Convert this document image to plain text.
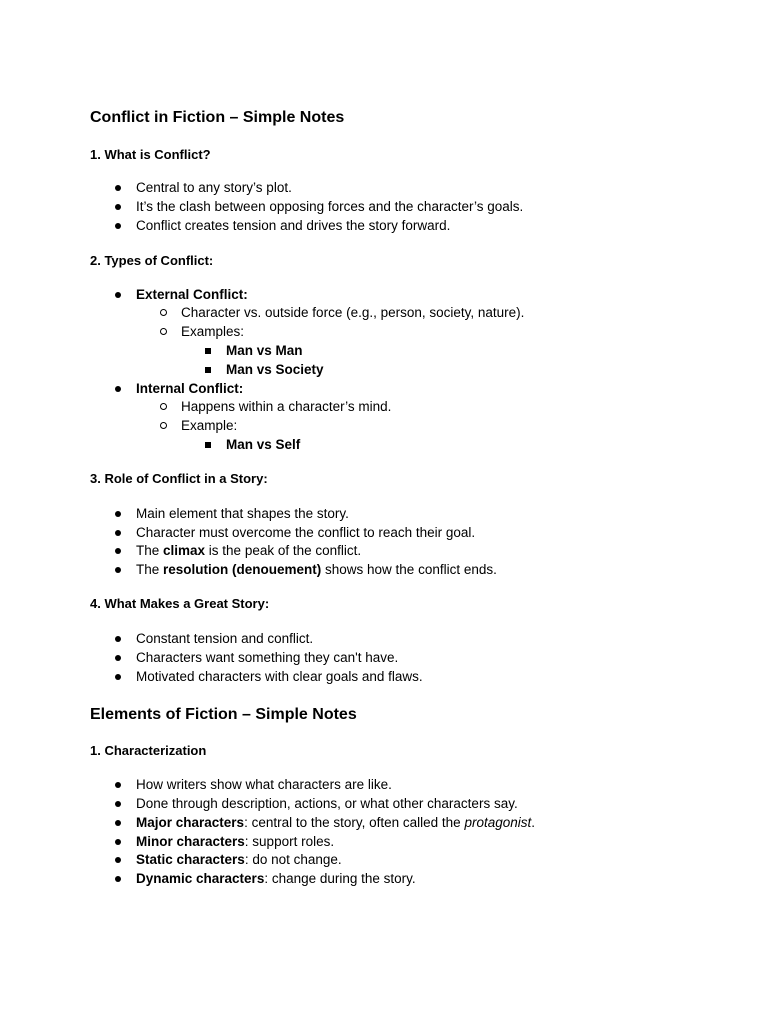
Conflict in Fiction – Simple Notes
1. What is Conflict?
Central to any story’s plot.
It’s the clash between opposing forces and the character’s goals.
Conflict creates tension and drives the story forward.
2. Types of Conflict:
External Conflict:
Character vs. outside force (e.g., person, society, nature).
Examples:
Man vs Man
Man vs Society
Internal Conflict:
Happens within a character’s mind.
Example:
Man vs Self
3. Role of Conflict in a Story:
Main element that shapes the story.
Character must overcome the conflict to reach their goal.
The climax is the peak of the conflict.
The resolution (denouement) shows how the conflict ends.
4. What Makes a Great Story:
Constant tension and conflict.
Characters want something they can't have.
Motivated characters with clear goals and flaws.
Elements of Fiction – Simple Notes
1. Characterization
How writers show what characters are like.
Done through description, actions, or what other characters say.
Major characters: central to the story, often called the protagonist.
Minor characters: support roles.
Static characters: do not change.
Dynamic characters: change during the story.
